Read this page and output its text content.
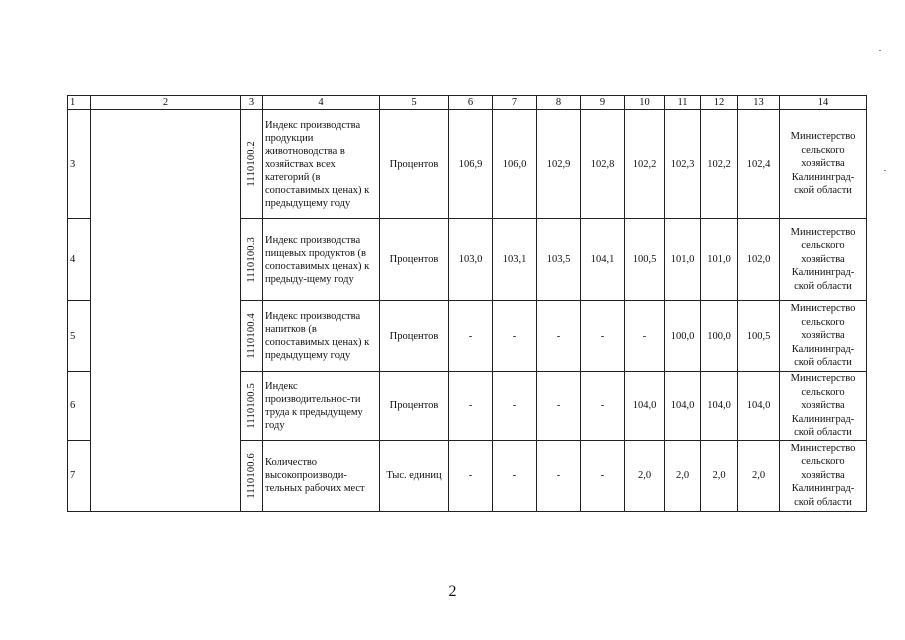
1	2	3	4	5	6	7	8	9	10	11	12	13	14
3		1110100.2	Индекс производства продукции животноводства в хозяйствах всех категорий (в сопоставимых ценах) к предыдущему году	Процентов	106,9	106,0	102,9	102,8	102,2	102,3	102,2	102,4	Министерство сельского хозяйства Калининград-ской области
4		1110100.3	Индекс производства пищевых продуктов (в сопоставимых ценах) к предыду-щему году	Процентов	103,0	103,1	103,5	104,1	100,5	101,0	101,0	102,0	Министерство сельского хозяйства Калининград-ской области
5		1110100.4	Индекс производства напитков (в сопоставимых ценах) к предыдущему году	Процентов	-	-	-	-	-	100,0	100,0	100,5	Министерство сельского хозяйства Калининград-ской области
6		1110100.5	Индекс производительнос-ти труда к предыдущему году	Процентов	-	-	-	-	104,0	104,0	104,0	104,0	Министерство сельского хозяйства Калининград-ской области
7		1110100.6	Количество высокопроизводи-тельных рабочих мест	Тыс. единиц	-	-	-	-	2,0	2,0	2,0	2,0	Министерство сельского хозяйства Калининград-ской области
2
